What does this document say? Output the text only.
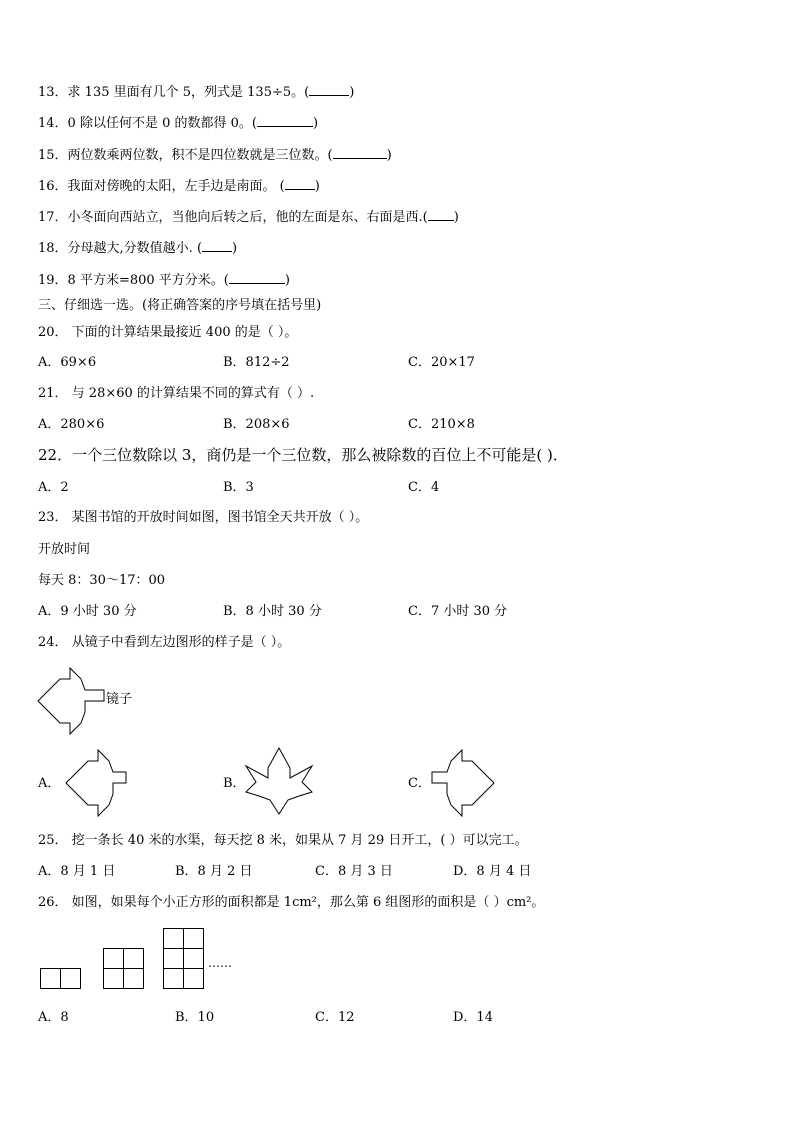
13．求 135 里面有几个 5，列式是 135÷5。(	)
14．0 除以任何不是 0 的数都得 0。(	)
15．两位数乘两位数，积不是四位数就是三位数。(	)
16．我面对傍晚的太阳，左手边是南面。 ( )
17．小冬面向西站立，当他向后转之后，他的左面是东、右面是西.( )
18．分母越大,分数值越小. ( )
19．8 平方米=800 平方分米。(	)
三、仔细选一选。(将正确答案的序号填在括号里)
20． 下面的计算结果最接近 400 的是（ ）。
A．69×6	B．812÷2	C．20×17
21． 与 28×60 的计算结果不同的算式有（ ）.
A．280×6	B．208×6	C．210×8
22．一个三位数除以 3，商仍是一个三位数，那么被除数的百位上不可能是( )．
A．2	B．3	C．4
23． 某图书馆的开放时间如图，图书馆全天共开放（ ）。
开放时间
每天 8：30～17：00
A．9 小时 30 分	B．8 小时 30 分	C．7 小时 30 分
24． 从镜子中看到左边图形的样子是（ ）。
镜子
A．	B．	C．
25． 挖一条长 40 米的水渠，每天挖 8 米，如果从 7 月 29 日开工，( ）可以完工。
A．8 月 1 日	B．8 月 2 日	C．8 月 3 日	D．8 月 4 日
26． 如图，如果每个小正方形的面积都是 1cm²，那么第 6 组图形的面积是（ ）cm²。
……
A．8	B．10	C．12	D．14
